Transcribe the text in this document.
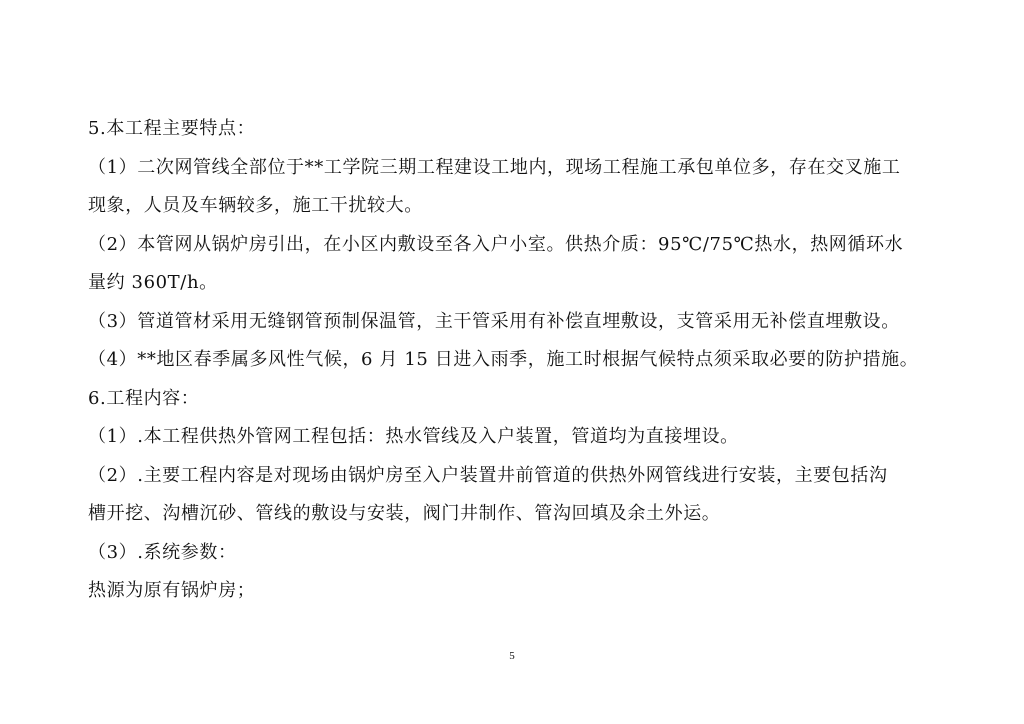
5.本工程主要特点：
（1）二次网管线全部位于**工学院三期工程建设工地内，现场工程施工承包单位多，存在交叉施工
现象，人员及车辆较多，施工干扰较大。
（2）本管网从锅炉房引出，在小区内敷设至各入户小室。供热介质：95℃/75℃热水，热网循环水
量约 360T/h。
（3）管道管材采用无缝钢管预制保温管，主干管采用有补偿直埋敷设，支管采用无补偿直埋敷设。
（4）**地区春季属多风性气候，6 月 15 日进入雨季，施工时根据气候特点须采取必要的防护措施。
6.工程内容：
（1）.本工程供热外管网工程包括：热水管线及入户装置，管道均为直接埋设。
（2）.主要工程内容是对现场由锅炉房至入户装置井前管道的供热外网管线进行安装，主要包括沟
槽开挖、沟槽沉砂、管线的敷设与安装，阀门井制作、管沟回填及余土外运。
（3）.系统参数：
热源为原有锅炉房；
5
